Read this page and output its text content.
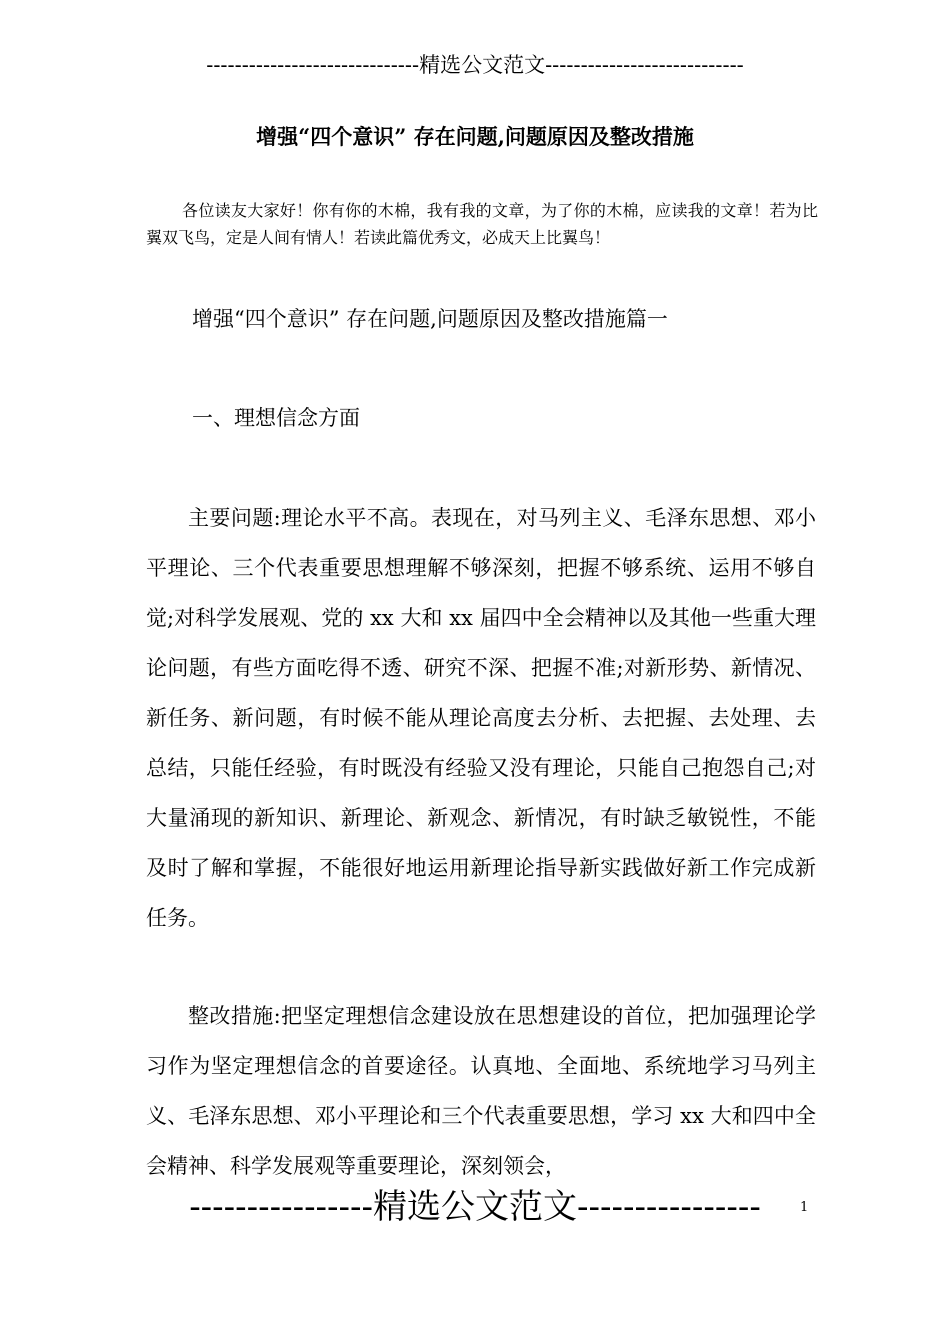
------------------------------精选公文范文----------------------------
增强“四个意识” 存在问题,问题原因及整改措施
各位读友大家好！你有你的木棉，我有我的文章，为了你的木棉，应读我的文章！若为比翼双飞鸟，定是人间有情人！若读此篇优秀文，必成天上比翼鸟！
增强“四个意识” 存在问题,问题原因及整改措施篇一
一、理想信念方面
主要问题:理论水平不高。表现在，对马列主义、毛泽东思想、邓小平理论、三个代表重要思想理解不够深刻，把握不够系统、运用不够自觉;对科学发展观、党的 xx 大和 xx 届四中全会精神以及其他一些重大理论问题，有些方面吃得不透、研究不深、把握不准;对新形势、新情况、新任务、新问题，有时候不能从理论高度去分析、去把握、去处理、去总结，只能任经验，有时既没有经验又没有理论，只能自己抱怨自己;对大量涌现的新知识、新理论、新观念、新情况，有时缺乏敏锐性，不能及时了解和掌握，不能很好地运用新理论指导新实践做好新工作完成新任务。
整改措施:把坚定理想信念建设放在思想建设的首位，把加强理论学习作为坚定理想信念的首要途径。认真地、全面地、系统地学习马列主义、毛泽东思想、邓小平理论和三个代表重要思想，学习 xx 大和四中全会精神、科学发展观等重要理论，深刻领会，
----------------精选公文范文----------------	1
